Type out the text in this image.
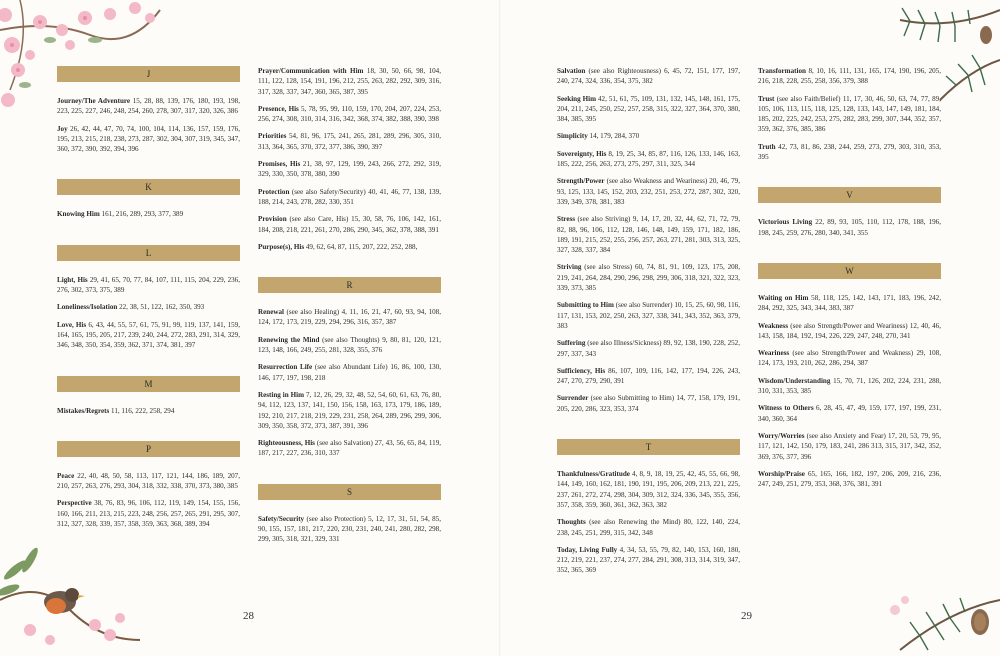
J
Journey/The Adventure 15, 28, 88, 139, 176, 180, 193, 198, 223, 225, 227, 246, 248, 254, 260, 278, 307, 317, 320, 326, 386
Joy 26, 42, 44, 47, 70, 74, 100, 104, 114, 136, 157, 159, 176, 195, 213, 215, 218, 238, 273, 287, 302, 304, 307, 319, 345, 347, 360, 372, 390, 392, 394, 396
K
Knowing Him 161, 216, 289, 293, 377, 389
L
Light, His 29, 41, 65, 70, 77, 84, 107, 111, 115, 204, 229, 236, 276, 302, 373, 375, 389
Loneliness/Isolation 22, 38, 51, 122, 162, 350, 393
Love, His 6, 43, 44, 55, 57, 61, 75, 91, 99, 119, 137, 141, 159, 164, 165, 195, 205, 217, 239, 240, 244, 272, 283, 291, 314, 329, 346, 348, 350, 354, 359, 362, 371, 374, 381, 397
M
Mistakes/Regrets 11, 116, 222, 258, 294
P
Peace 22, 40, 48, 50, 58, 113, 117, 121, 144, 186, 189, 207, 210, 257, 263, 276, 293, 304, 318, 332, 338, 370, 373, 380, 385
Perspective 38, 76, 83, 96, 106, 112, 119, 149, 154, 155, 156, 160, 166, 211, 213, 215, 223, 248, 256, 257, 265, 291, 295, 307, 312, 327, 328, 339, 357, 358, 359, 363, 368, 389, 394
Prayer/Communication with Him 18, 30, 50, 66, 98, 104, 111, 122, 128, 154, 191, 196, 212, 255, 263, 282, 292, 309, 316, 317, 328, 337, 347, 360, 365, 387, 395
Presence, His 5, 78, 95, 99, 110, 159, 170, 204, 207, 224, 253, 256, 274, 308, 310, 314, 316, 342, 368, 374, 382, 388, 390, 398
Priorities 54, 81, 96, 175, 241, 265, 281, 289, 296, 305, 310, 313, 364, 365, 370, 372, 377, 386, 390, 397
Promises, His 21, 38, 97, 129, 199, 243, 266, 272, 292, 319, 329, 330, 350, 378, 380, 390
Protection (see also Safety/Security) 40, 41, 46, 77, 138, 139, 188, 214, 243, 278, 282, 330, 351
Provision (see also Care, His) 15, 30, 58, 76, 106, 142, 161, 184, 208, 218, 221, 261, 270, 286, 290, 345, 362, 378, 388, 391
Purpose(s), His 49, 62, 64, 87, 115, 207, 222, 252, 288,
R
Renewal (see also Healing) 4, 11, 16, 21, 47, 60, 93, 94, 108, 124, 172, 173, 219, 229, 294, 296, 316, 357, 387
Renewing the Mind (see also Thoughts) 9, 80, 81, 120, 121, 123, 148, 166, 249, 255, 281, 328, 355, 376
Resurrection Life (see also Abundant Life) 16, 86, 100, 130, 146, 177, 197, 198, 218
Resting in Him 7, 12, 26, 29, 32, 48, 52, 54, 60, 61, 63, 76, 80, 94, 112, 123, 137, 141, 150, 156, 158, 163, 173, 179, 186, 189, 192, 210, 217, 218, 219, 229, 231, 258, 264, 289, 296, 299, 306, 309, 350, 358, 372, 373, 387, 391, 396
Righteousness, His (see also Salvation) 27, 43, 56, 65, 84, 119, 187, 217, 227, 236, 310, 337
S
Safety/Security (see also Protection) 5, 12, 17, 31, 51, 54, 85, 90, 155, 157, 181, 217, 220, 230, 231, 240, 241, 280, 282, 298, 299, 305, 318, 321, 329, 331
Salvation (see also Righteousness) 6, 45, 72, 151, 177, 197, 240, 274, 324, 336, 354, 375, 382
Seeking Him 42, 51, 61, 75, 109, 131, 132, 145, 148, 161, 175, 204, 211, 245, 250, 252, 257, 258, 315, 322, 327, 364, 370, 380, 384, 385, 395
Simplicity 14, 179, 284, 370
Sovereignty, His 8, 19, 25, 34, 85, 87, 116, 126, 133, 146, 163, 185, 222, 256, 263, 273, 275, 297, 311, 325, 344
Strength/Power (see also Weakness and Weariness) 20, 46, 79, 93, 125, 133, 145, 152, 203, 232, 251, 253, 272, 287, 302, 320, 339, 349, 378, 381, 383
Stress (see also Striving) 9, 14, 17, 20, 32, 44, 62, 71, 72, 79, 82, 88, 96, 106, 112, 128, 146, 148, 149, 159, 171, 182, 186, 189, 191, 215, 252, 255, 256, 257, 263, 271, 281, 303, 313, 325, 327, 328, 337, 384
Striving (see also Stress) 60, 74, 81, 91, 109, 123, 175, 208, 219, 241, 264, 284, 290, 296, 298, 299, 306, 318, 321, 322, 323, 339, 373, 385
Submitting to Him (see also Surrender) 10, 15, 25, 60, 98, 116, 117, 131, 153, 202, 250, 263, 327, 338, 341, 343, 352, 363, 379, 383
Suffering (see also Illness/Sickness) 89, 92, 138, 190, 228, 252, 297, 337, 343
Sufficiency, His 86, 107, 109, 116, 142, 177, 194, 226, 243, 247, 270, 279, 290, 391
Surrender (see also Submitting to Him) 14, 77, 158, 179, 191, 205, 220, 286, 323, 353, 374
T
Thankfulness/Gratitude 4, 8, 9, 18, 19, 25, 42, 45, 55, 66, 98, 144, 149, 160, 162, 181, 190, 191, 195, 206, 209, 213, 221, 225, 237, 261, 272, 274, 298, 304, 309, 312, 324, 336, 345, 355, 356, 357, 358, 359, 360, 361, 362, 363, 382
Thoughts (see also Renewing the Mind) 80, 122, 140, 224, 238, 245, 251, 299, 315, 342, 348
Today, Living Fully 4, 34, 53, 55, 79, 82, 140, 153, 160, 180, 212, 219, 221, 237, 274, 277, 284, 291, 308, 313, 314, 319, 347, 352, 365, 369
Transformation 8, 10, 16, 111, 131, 165, 174, 190, 196, 205, 216, 218, 228, 255, 258, 356, 379, 388
Trust (see also Faith/Belief) 11, 17, 30, 46, 50, 63, 74, 77, 89, 105, 106, 113, 115, 118, 125, 128, 133, 143, 147, 149, 181, 184, 185, 202, 225, 242, 253, 275, 282, 283, 299, 307, 344, 352, 357, 359, 362, 376, 385, 386
Truth 42, 73, 81, 86, 238, 244, 259, 273, 279, 303, 310, 353, 395
V
Victorious Living 22, 89, 93, 105, 110, 112, 178, 188, 196, 198, 245, 259, 276, 280, 340, 341, 355
W
Waiting on Him 58, 118, 125, 142, 143, 171, 183, 196, 242, 284, 292, 325, 343, 344, 383, 387
Weakness (see also Strength/Power and Weariness) 12, 40, 46, 143, 158, 184, 192, 194, 226, 229, 247, 248, 270, 341
Weariness (see also Strength/Power and Weakness) 29, 108, 124, 173, 193, 210, 262, 286, 294, 387
Wisdom/Understanding 15, 70, 71, 126, 202, 224, 231, 288, 310, 331, 353, 385
Witness to Others 6, 28, 45, 47, 49, 159, 177, 197, 199, 231, 340, 360, 364
Worry/Worries (see also Anxiety and Fear) 17, 20, 53, 79, 95, 117, 121, 142, 150, 179, 183, 241, 286 313, 315, 317, 342, 352, 369, 376, 377, 396
Worship/Praise 65, 165, 166, 182, 197, 206, 209, 216, 236, 247, 249, 251, 279, 353, 368, 376, 381, 391
28	29
